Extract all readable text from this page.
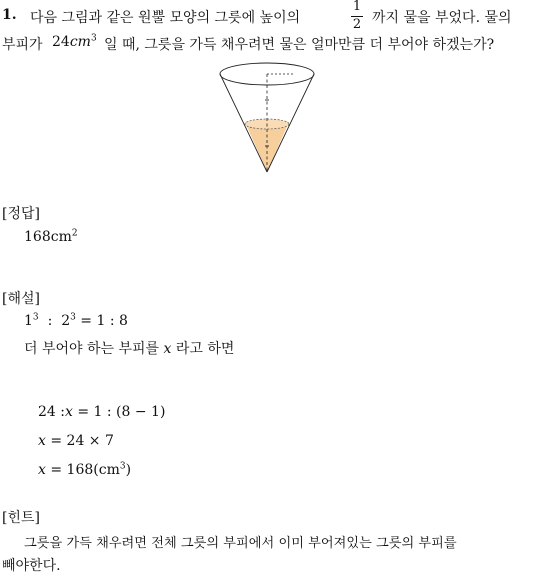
1. 다음 그림과 같은 원뿔 모양의 그릇에 높이의
1
2 까지 물을 부었다. 물의
부피가 $24cm^3$ 일 때, 그릇을 가득 채우려면 물은 얼마만큼 더 부어야 하겠는가?
[정답]
$168cm^2$
[해설]
$1^3$ : $2^3 = 1$ : 8
더 부어야 하는 부피를 x 라고 하면
24 :x = 1 : (8 − 1)
x = 24 × 7
$x = 168(cm^3)$
[힌트]
그릇을 가득 채우려면 전체 그릇의 부피에서 이미 부어져있는 그릇의 부피를
빼야한다.
